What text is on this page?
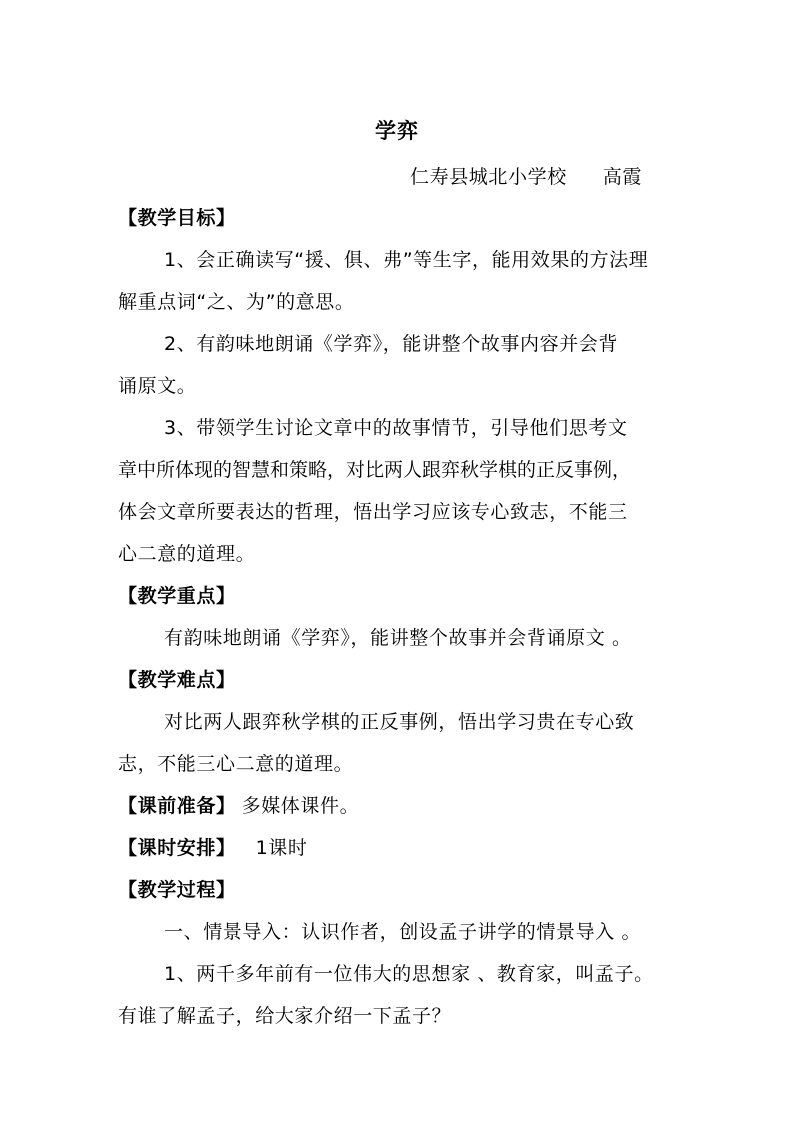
学弈
仁寿县城北小学校 高霞
【教学目标】
1、会正确读写“援、俱、弗”等生字，能用效果的方法理
解重点词“之、为”的意思。
2、有韵味地朗诵《学弈》，能讲整个故事内容并会背
诵原文。
3、带领学生讨论文章中的故事情节，引导他们思考文
章中所体现的智慧和策略，对比两人跟弈秋学棋的正反事例，
体会文章所要表达的哲理，悟出学习应该专心致志，不能三
心二意的道理。
【教学重点】
有韵味地朗诵《学弈》，能讲整个故事并会背诵原文 。
【教学难点】
对比两人跟弈秋学棋的正反事例，悟出学习贵在专心致
志，不能三心二意的道理。
【课前准备】 多媒体课件。
【课时安排】 1课时
【教学过程】
一、情景导入：认识作者，创设孟子讲学的情景导入 。
1、两千多年前有一位伟大的思想家 、教育家，叫孟子。
有谁了解孟子，给大家介绍一下孟子？
